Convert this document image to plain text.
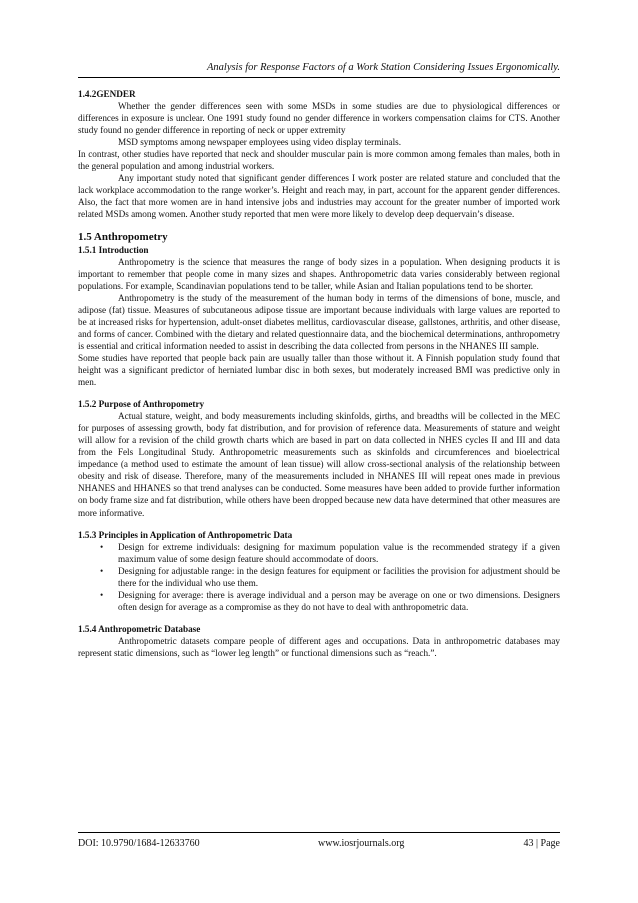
Analysis for Response Factors of a Work Station Considering Issues Ergonomically.
1.4.2GENDER

Whether the gender differences seen with some MSDs in some studies are due to physiological differences or differences in exposure is unclear. One 1991 study found no gender difference in workers compensation claims for CTS. Another study found no gender difference in reporting of neck or upper extremity

MSD symptoms among newspaper employees using video display terminals.

In contrast, other studies have reported that neck and shoulder muscular pain is more common among females than males, both in the general population and among industrial workers.

Any important study noted that significant gender differences I work poster are related stature and concluded that the lack workplace accommodation to the range worker’s. Height and reach may, in part, account for the apparent gender differences. Also, the fact that more women are in hand intensive jobs and industries may account for the greater number of imported work related MSDs among women. Another study reported that men were more likely to develop deep dequervain’s disease.

1.5 Anthropometry
1.5.1 Introduction

Anthropometry is the science that measures the range of body sizes in a population. When designing products it is important to remember that people come in many sizes and shapes. Anthropometric data varies considerably between regional populations. For example, Scandinavian populations tend to be taller, while Asian and Italian populations tend to be shorter.

Anthropometry is the study of the measurement of the human body in terms of the dimensions of bone, muscle, and adipose (fat) tissue. Measures of subcutaneous adipose tissue are important because individuals with large values are reported to be at increased risks for hypertension, adult-onset diabetes mellitus, cardiovascular disease, gallstones, arthritis, and other disease, and forms of cancer. Combined with the dietary and related questionnaire data, and the biochemical determinations, anthropometry is essential and critical information needed to assist in describing the data collected from persons in the NHANES III sample.

Some studies have reported that people back pain are usually taller than those without it. A Finnish population study found that height was a significant predictor of herniated lumbar disc in both sexes, but moderately increased BMI was predictive only in men.

1.5.2 Purpose of Anthropometry

Actual stature, weight, and body measurements including skinfolds, girths, and breadths will be collected in the MEC for purposes of assessing growth, body fat distribution, and for provision of reference data. Measurements of stature and weight will allow for a revision of the child growth charts which are based in part on data collected in NHES cycles II and III and data from the Fels Longitudinal Study. Anthropometric measurements such as skinfolds and circumferences and bioelectrical impedance (a method used to estimate the amount of lean tissue) will allow cross-sectional analysis of the relationship between obesity and risk of disease. Therefore, many of the measurements included in NHANES III will repeat ones made in previous NHANES and HHANES so that trend analyses can be conducted. Some measures have been added to provide further information on body frame size and fat distribution, while others have been dropped because new data have determined that other measures are more informative.

1.5.3 Principles in Application of Anthropometric Data
• Design for extreme individuals: designing for maximum population value is the recommended strategy if a given maximum value of some design feature should accommodate of doors.
• Designing for adjustable range: in the design features for equipment or facilities the provision for adjustment should be there for the individual who use them.
• Designing for average: there is average individual and a person may be average on one or two dimensions. Designers often design for average as a compromise as they do not have to deal with anthropometric data.
1.5.4 Anthropometric Database

Anthropometric datasets compare people of different ages and occupations. Data in anthropometric databases may represent static dimensions, such as “lower leg length” or functional dimensions such as “reach.”.

DOI: 10.9790/1684-12633760	www.iosrjournals.org	43 | Page
